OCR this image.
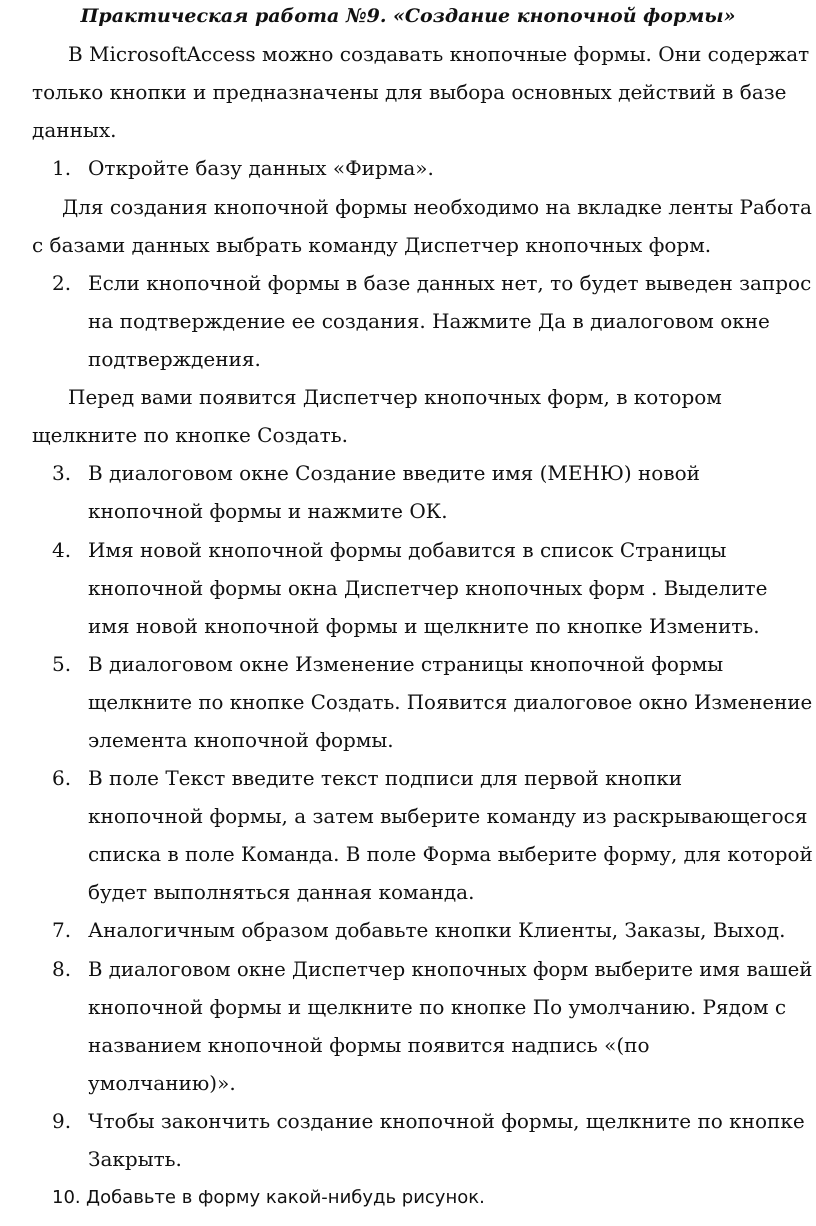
Практическая работа №9. «Создание кнопочной формы»
В MicrosoftAccess можно создавать кнопочные формы. Они содержат
только кнопки и предназначены для выбора основных действий в базе
данных.
1. Откройте базу данных «Фирма».
Для создания кнопочной формы необходимо на вкладке ленты Работа
с базами данных выбрать команду Диспетчер кнопочных форм.
2. Если кнопочной формы в базе данных нет, то будет выведен запрос
на подтверждение ее создания. Нажмите Да в диалоговом окне
подтверждения.
Перед вами появится Диспетчер кнопочных форм, в котором
щелкните по кнопке Создать.
3. В диалоговом окне Создание введите имя (МЕНЮ) новой
кнопочной формы и нажмите ОК.
4. Имя новой кнопочной формы добавится в список Страницы
кнопочной формы окна Диспетчер кнопочных форм . Выделите
имя новой кнопочной формы и щелкните по кнопке Изменить.
5. В диалоговом окне Изменение страницы кнопочной формы
щелкните по кнопке Создать. Появится диалоговое окно Изменение
элемента кнопочной формы.
6. В поле Текст введите текст подписи для первой кнопки
кнопочной формы, а затем выберите команду из раскрывающегося
списка в поле Команда. В поле Форма выберите форму, для которой
будет выполняться данная команда.
7. Аналогичным образом добавьте кнопки Клиенты, Заказы, Выход.
8. В диалоговом окне Диспетчер кнопочных форм выберите имя вашей
кнопочной формы и щелкните по кнопке По умолчанию. Рядом с
названием кнопочной формы появится надпись «(по
умолчанию)».
9. Чтобы закончить создание кнопочной формы, щелкните по кнопке
Закрыть.
10. Добавьте в форму какой-нибудь рисунок.
